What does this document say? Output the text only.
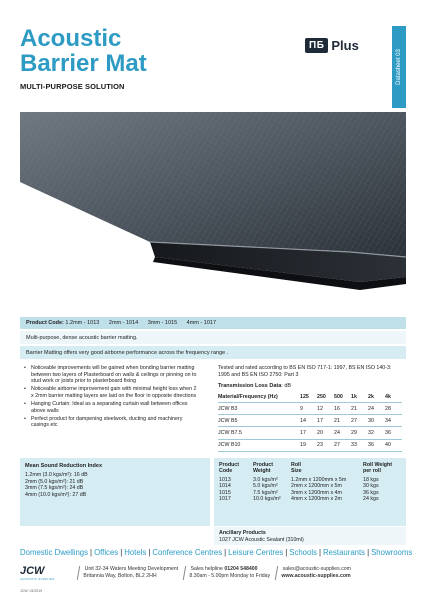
Acoustic
Barrier Mat
MULTI-PURPOSE SOLUTION
ПБ Plus
Datasheet 03
Product Code: 1.2mm - 1013 2mm - 1014 3mm - 1015 4mm - 1017
Multi-purpose, dense acoustic barrier matting.
Barrier Matting offers very good airborne performance across the frequency range .
• Noticeable improvements will be gained when bonding barrier matting between two layers of Plasterboard on walls & ceilings or pinning on to stud work or joists prior to plasterboard fixing
• Noticeable airborne improvement gain with minimal height loss when 2 x 2mm barrier matting layers are laid on the floor in opposite directions
• Hanging Curtain: Ideal as a separating curtain wall between offices above walls
• Perfect product for dampening steelwork, ducting and machinery casings etc
Tested and rated according to BS EN ISO 717-1: 1997, BS EN ISO 140-3: 1995 and BS EN ISO 2750: Part 3
Transmission Loss Data: dB
Material/Frequency (Hz)	125	250	500	1k	2k	4k
JCW B3	9	12	16	21	24	28
JCW B5	14	17	21	27	30	34
JCW B7.5	17	20	24	29	32	36
JCW B10	19	23	27	33	36	40
Mean Sound Reduction Index
1.2mm (3.0 kgs/m²): 16 dB
2mm (5.0 kgs/m²): 21 dB
3mm (7.5 kgs/m²): 24 dB
4mm (10.0 kgs/m²): 27 dB
Product
Code	Product
Weight	Roll
Size	Roll Weight
per roll
1013	3.0 kgs/m²	1.2mm x 1200mm x 5m	18 kgs
1014	5.0 kgs/m²	2mm x 1200mm x 5m	30 kgs
1015	7.5 kgs/m²	3mm x 1200mm x 4m	36 kgs
1017	10.0 kgs/m²	4mm x 1200mm x 2m	24 kgs
Ancillary Products
1027 JCW Acoustic Sealant (310ml)
Domestic Dwellings | Offices | Hotels | Conference Centres | Leisure Centres | Schools | Restaurants | Showrooms
JCW
ACOUSTIC SUPPLIES
Unit 32-34 Waters Meeting Development
Britannia Way, Bolton, BL2 2HH
Sales helpline 01204 548400
8.30am - 5.00pm Monday to Friday
sales@acoustic-supplies.com
www.acoustic-supplies.com
JCW: 03/2019
